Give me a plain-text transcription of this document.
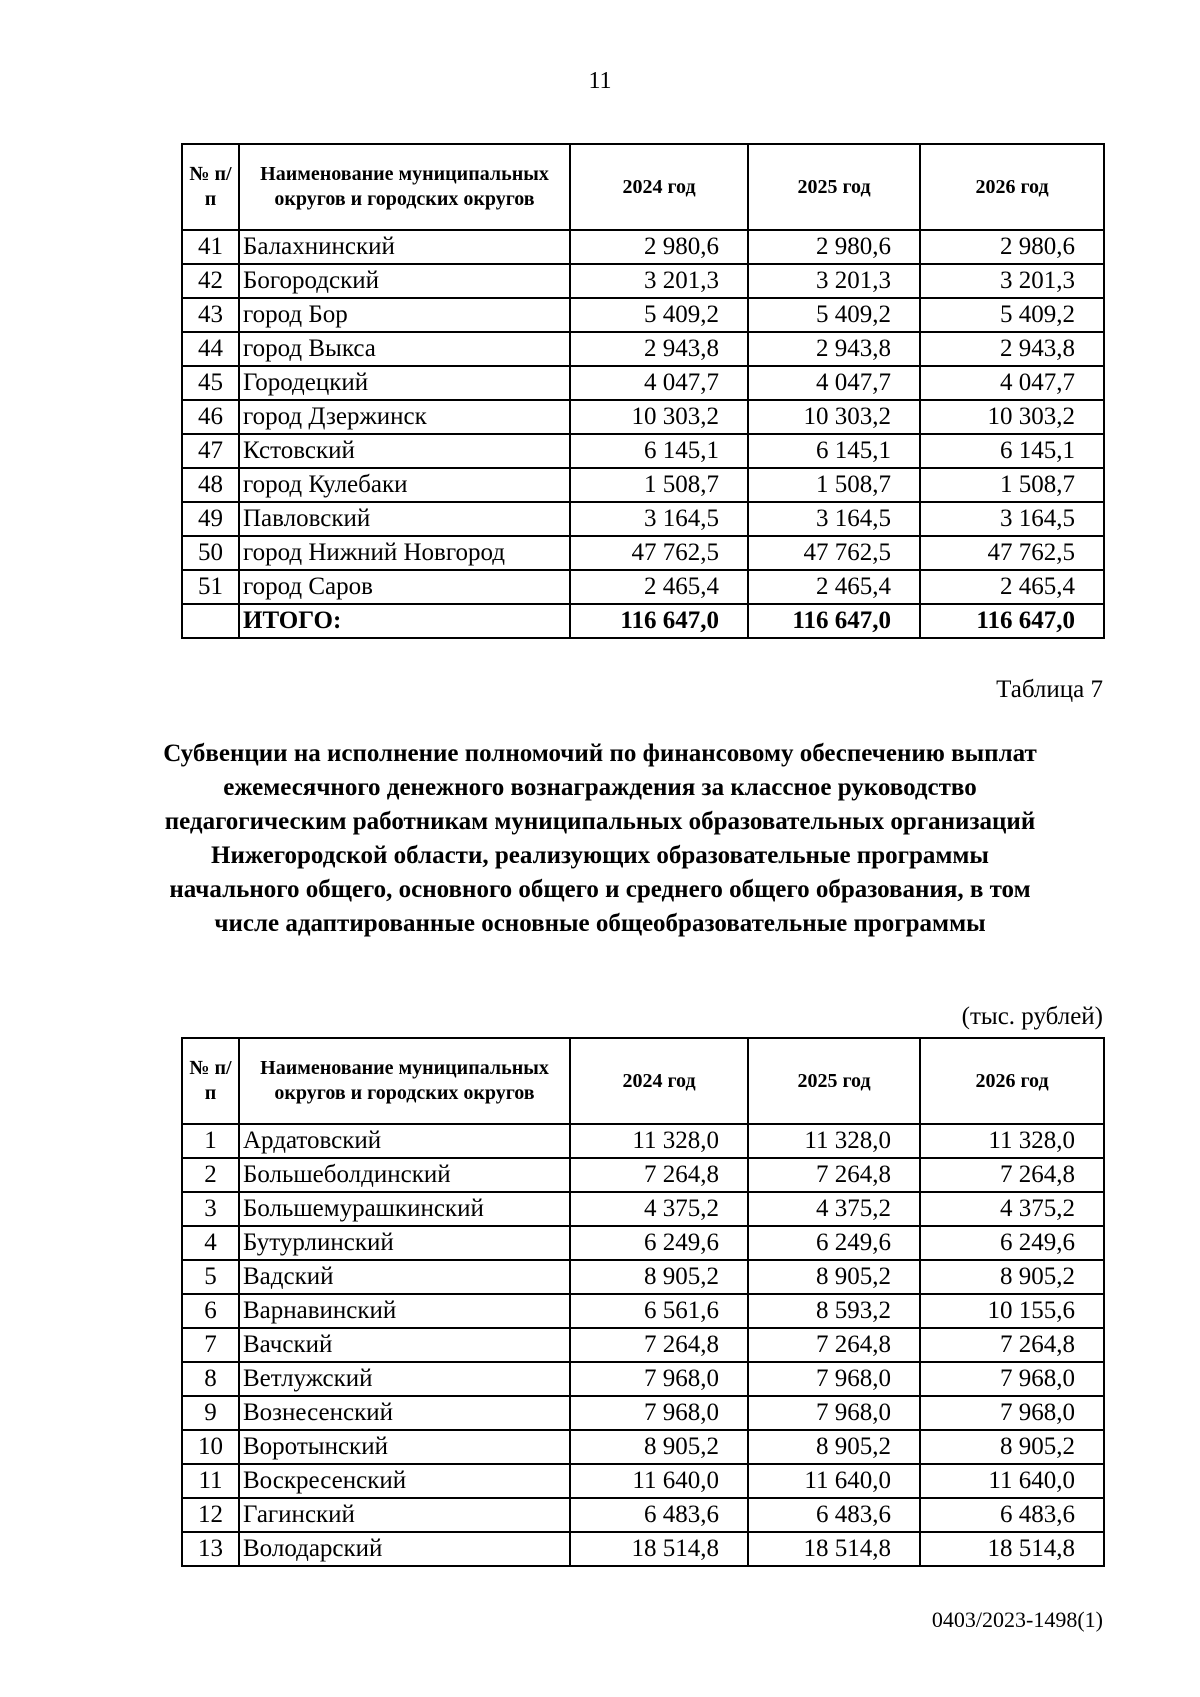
11
№ п/п	Наименование муниципальных округов и городских округов	2024 год	2025 год	2026 год
41	Балахнинский	2 980,6	2 980,6	2 980,6
42	Богородский	3 201,3	3 201,3	3 201,3
43	город Бор	5 409,2	5 409,2	5 409,2
44	город Выкса	2 943,8	2 943,8	2 943,8
45	Городецкий	4 047,7	4 047,7	4 047,7
46	город Дзержинск	10 303,2	10 303,2	10 303,2
47	Кстовский	6 145,1	6 145,1	6 145,1
48	город Кулебаки	1 508,7	1 508,7	1 508,7
49	Павловский	3 164,5	3 164,5	3 164,5
50	город Нижний Новгород	47 762,5	47 762,5	47 762,5
51	город Саров	2 465,4	2 465,4	2 465,4
	ИТОГО:	116 647,0	116 647,0	116 647,0
Таблица 7
Субвенции на исполнение полномочий по финансовому обеспечению выплат ежемесячного денежного вознаграждения за классное руководство педагогическим работникам муниципальных образовательных организаций Нижегородской области, реализующих образовательные программы начального общего, основного общего и среднего общего образования, в том числе адаптированные основные общеобразовательные программы
(тыс. рублей)
№ п/п	Наименование муниципальных округов и городских округов	2024 год	2025 год	2026 год
1	Ардатовский	11 328,0	11 328,0	11 328,0
2	Большеболдинский	7 264,8	7 264,8	7 264,8
3	Большемурашкинский	4 375,2	4 375,2	4 375,2
4	Бутурлинский	6 249,6	6 249,6	6 249,6
5	Вадский	8 905,2	8 905,2	8 905,2
6	Варнавинский	6 561,6	8 593,2	10 155,6
7	Вачский	7 264,8	7 264,8	7 264,8
8	Ветлужский	7 968,0	7 968,0	7 968,0
9	Вознесенский	7 968,0	7 968,0	7 968,0
10	Воротынский	8 905,2	8 905,2	8 905,2
11	Воскресенский	11 640,0	11 640,0	11 640,0
12	Гагинский	6 483,6	6 483,6	6 483,6
13	Володарский	18 514,8	18 514,8	18 514,8
0403/2023-1498(1)
